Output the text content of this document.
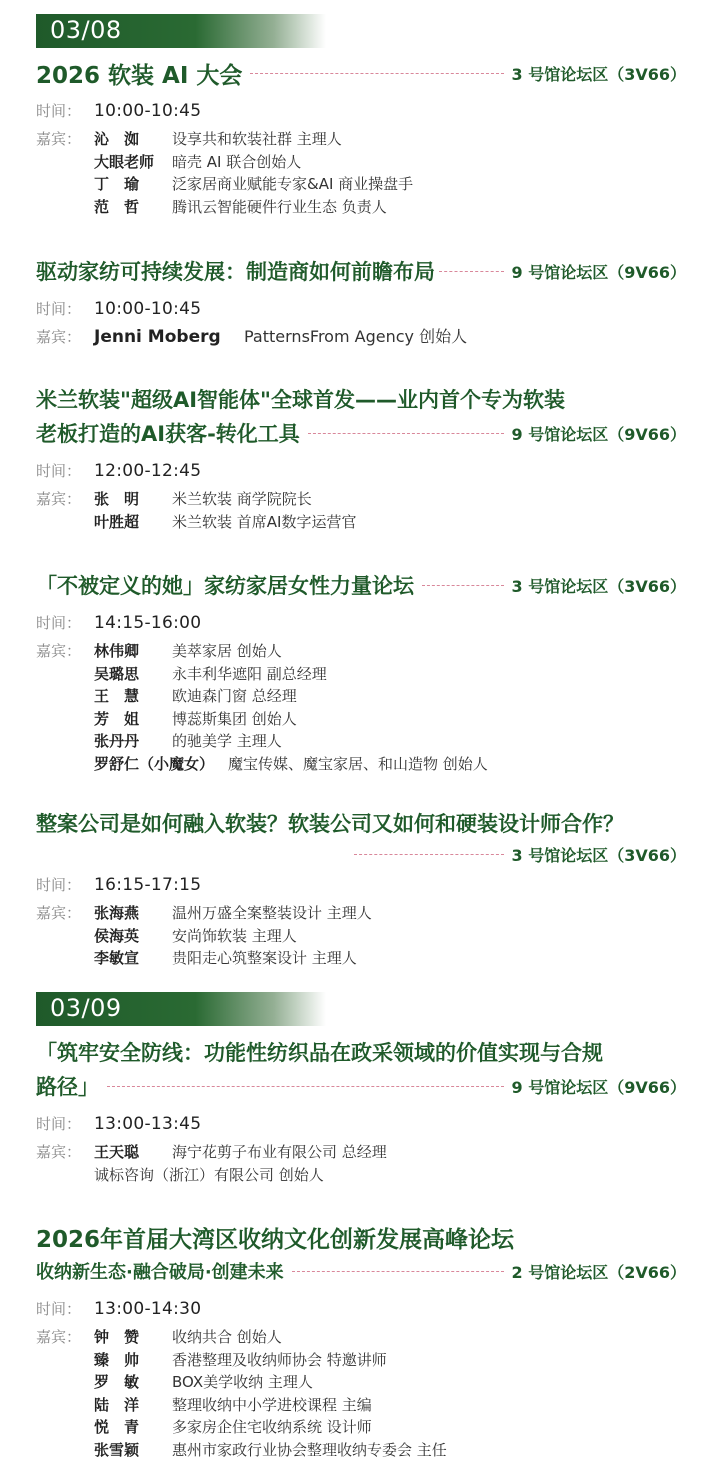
03/08
2026 软装 AI 大会	3 号馆论坛区（3V66）
时间： 10:00-10:45
嘉宾： 沁　洳	设享共和软装社群 主理人
大眼老师	暗壳 AI 联合创始人
丁　瑜	泛家居商业赋能专家&AI 商业操盘手
范　哲	腾讯云智能硬件行业生态 负责人
驱动家纺可持续发展：制造商如何前瞻布局	9 号馆论坛区（9V66）
时间： 10:00-10:45
嘉宾： Jenni Moberg	PatternsFrom Agency 创始人
米兰软装"超级AI智能体"全球首发——业内首个专为软装
老板打造的AI获客-转化工具	9 号馆论坛区（9V66）
时间： 12:00-12:45
嘉宾： 张　明	米兰软装 商学院院长
叶胜超	米兰软装 首席AI数字运营官
「不被定义的她」家纺家居女性力量论坛	3 号馆论坛区（3V66）
时间： 14:15-16:00
嘉宾： 林伟卿	美萃家居 创始人
吴璐思	永丰利华遮阳 副总经理
王　慧	欧迪森门窗 总经理
芳　姐	博蕊斯集团 创始人
张丹丹	的驰美学 主理人
罗舒仁（小魔女） 魔宝传媒、魔宝家居、和山造物 创始人
整案公司是如何融入软装？软装公司又如何和硬装设计师合作？
3 号馆论坛区（3V66）
时间： 16:15-17:15
嘉宾： 张海燕	温州万盛全案整装设计 主理人
侯海英	安尚饰软装 主理人
李敏宣	贵阳走心筑整案设计 主理人
03/09
「筑牢安全防线：功能性纺织品在政采领域的价值实现与合规
路径」	9 号馆论坛区（9V66）
时间： 13:00-13:45
嘉宾： 王天聪	海宁花剪子布业有限公司 总经理
诚标咨询（浙江）有限公司 创始人
2026年首届大湾区收纳文化创新发展高峰论坛
收纳新生态·融合破局·创建未来	2 号馆论坛区（2V66）
时间： 13:00-14:30
嘉宾： 钟　赞	收纳共合 创始人
臻　帅	香港整理及收纳师协会 特邀讲师
罗　敏	BOX美学收纳 主理人
陆　洋	整理收纳中小学进校课程 主编
悦　青	多家房企住宅收纳系统 设计师
张雪颖	惠州市家政行业协会整理收纳专委会 主任
